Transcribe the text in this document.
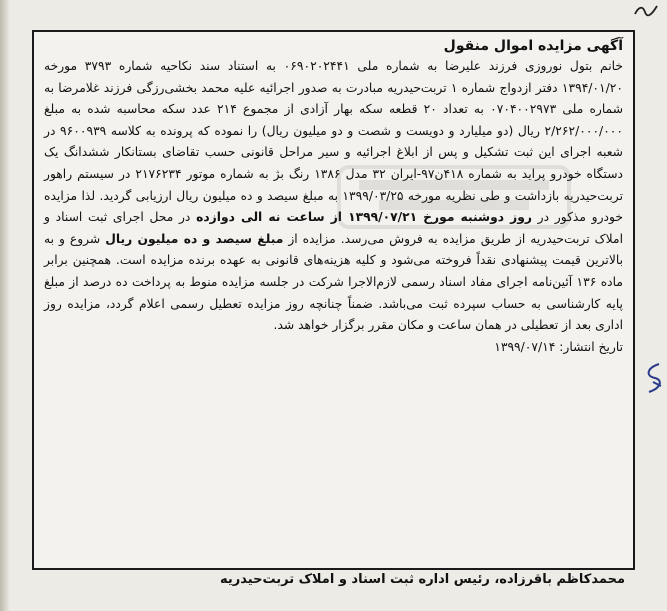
آگهی مزایده اموال منقول
خانم بتول نوروزی فرزند علیرضا به شماره ملی ۰۶۹۰۲۰۲۴۴۱ به استناد سند نکاحیه شماره ۳۷۹۳ مورخه ۱۳۹۴/۰۱/۲۰ دفتر ازدواج شماره ۱ تربت‌حیدریه مبادرت به صدور اجرائیه علیه محمد بخشی‌رزگی فرزند غلامرضا به شماره ملی ۰۷۰۴۰۰۲۹۷۳ به تعداد ۲۰ قطعه سکه بهار آزادی از مجموع ۲۱۴ عدد سکه محاسبه شده به مبلغ ۲/۲۶۲/۰۰۰/۰۰۰ ریال (دو میلیارد و دویست و شصت و دو میلیون ریال) را نموده که پرونده به کلاسه ۹۶۰۰۹۳۹ در شعبه اجرای این ثبت تشکیل و پس از ابلاغ اجرائیه و سیر مراحل قانونی حسب تقاضای بستانکار ششدانگ یک دستگاه خودرو پراید به شماره ۴۱۸ن۹۷-ایران ۳۲ مدل ۱۳۸۶ رنگ بژ به شماره موتور ۲۱۷۶۲۳۴ در سیستم راهور تربت‌حیدریه بازداشت و طی نظریه مورخه ۱۳۹۹/۰۳/۲۵ به مبلغ سیصد و ده میلیون ریال ارزیابی گردید. لذا مزایده خودرو مذکور در روز دوشنبه مورخ ۱۳۹۹/۰۷/۲۱ از ساعت نه الی دوازده در محل اجرای ثبت اسناد و املاک تربت‌حیدریه از طریق مزایده به فروش می‌رسد. مزایده از مبلغ سیصد و ده میلیون ریال شروع و به بالاترین قیمت پیشنهادی نقداً فروخته می‌شود و کلیه هزینه‌های قانونی به عهده برنده مزایده است. همچنین برابر ماده ۱۳۶ آئین‌نامه اجرای مفاد اسناد رسمی لازم‌الاجرا شرکت در جلسه مزایده منوط به پرداخت ده درصد از مبلغ پایه کارشناسی به حساب سپرده ثبت می‌باشد. ضمناً چنانچه روز مزایده تعطیل رسمی اعلام گردد، مزایده روز اداری بعد از تعطیلی در همان ساعت و مکان مقرر برگزار خواهد شد.
تاریخ انتشار: ۱۳۹۹/۰۷/۱۴
محمدکاظم باقرزاده، رئیس اداره ثبت اسناد و املاک تربت‌حیدریه
